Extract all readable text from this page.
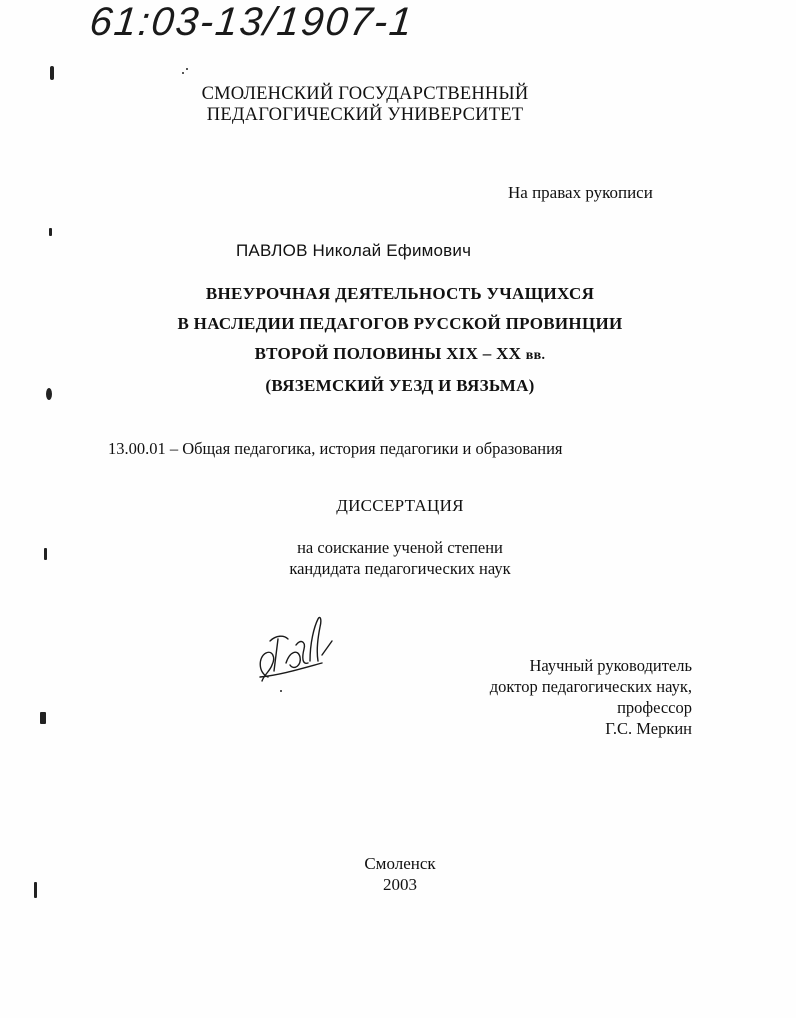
61:03-13/1907-1
СМОЛЕНСКИЙ ГОСУДАРСТВЕННЫЙ
ПЕДАГОГИЧЕСКИЙ УНИВЕРСИТЕТ
На правах рукописи
ПАВЛОВ Николай Ефимович
ВНЕУРОЧНАЯ ДЕЯТЕЛЬНОСТЬ УЧАЩИХСЯ
В НАСЛЕДИИ ПЕДАГОГОВ РУССКОЙ ПРОВИНЦИИ
ВТОРОЙ ПОЛОВИНЫ XIX – XX вв.
(ВЯЗЕМСКИЙ УЕЗД И ВЯЗЬМА)
13.00.01 – Общая педагогика, история педагогики и образования
ДИССЕРТАЦИЯ
на соискание ученой степени
кандидата педагогических наук
Научный руководитель
доктор педагогических наук,
профессор
Г.С. Меркин
Смоленск
2003
